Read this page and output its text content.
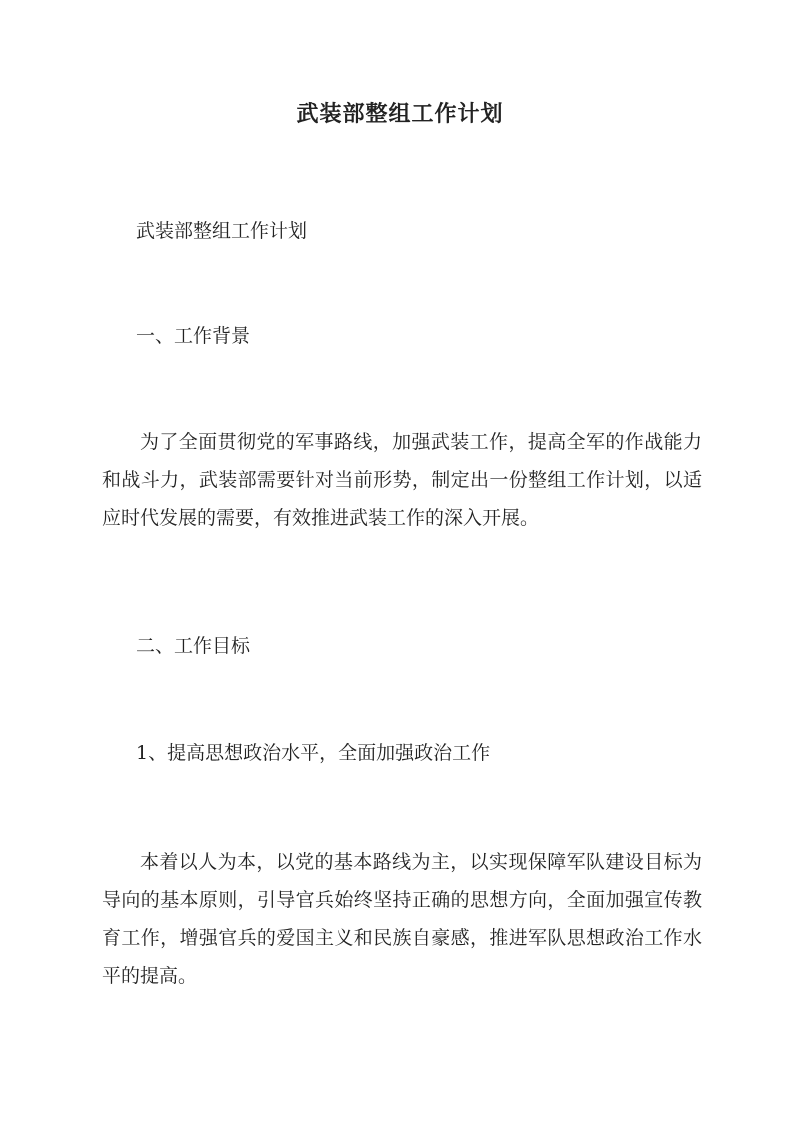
武装部整组工作计划
武装部整组工作计划
一、工作背景
为了全面贯彻党的军事路线，加强武装工作，提高全军的作战能力和战斗力，武装部需要针对当前形势，制定出一份整组工作计划，以适应时代发展的需要，有效推进武装工作的深入开展。
二、工作目标
1、提高思想政治水平，全面加强政治工作
本着以人为本，以党的基本路线为主，以实现保障军队建设目标为导向的基本原则，引导官兵始终坚持正确的思想方向，全面加强宣传教育工作，增强官兵的爱国主义和民族自豪感，推进军队思想政治工作水平的提高。
